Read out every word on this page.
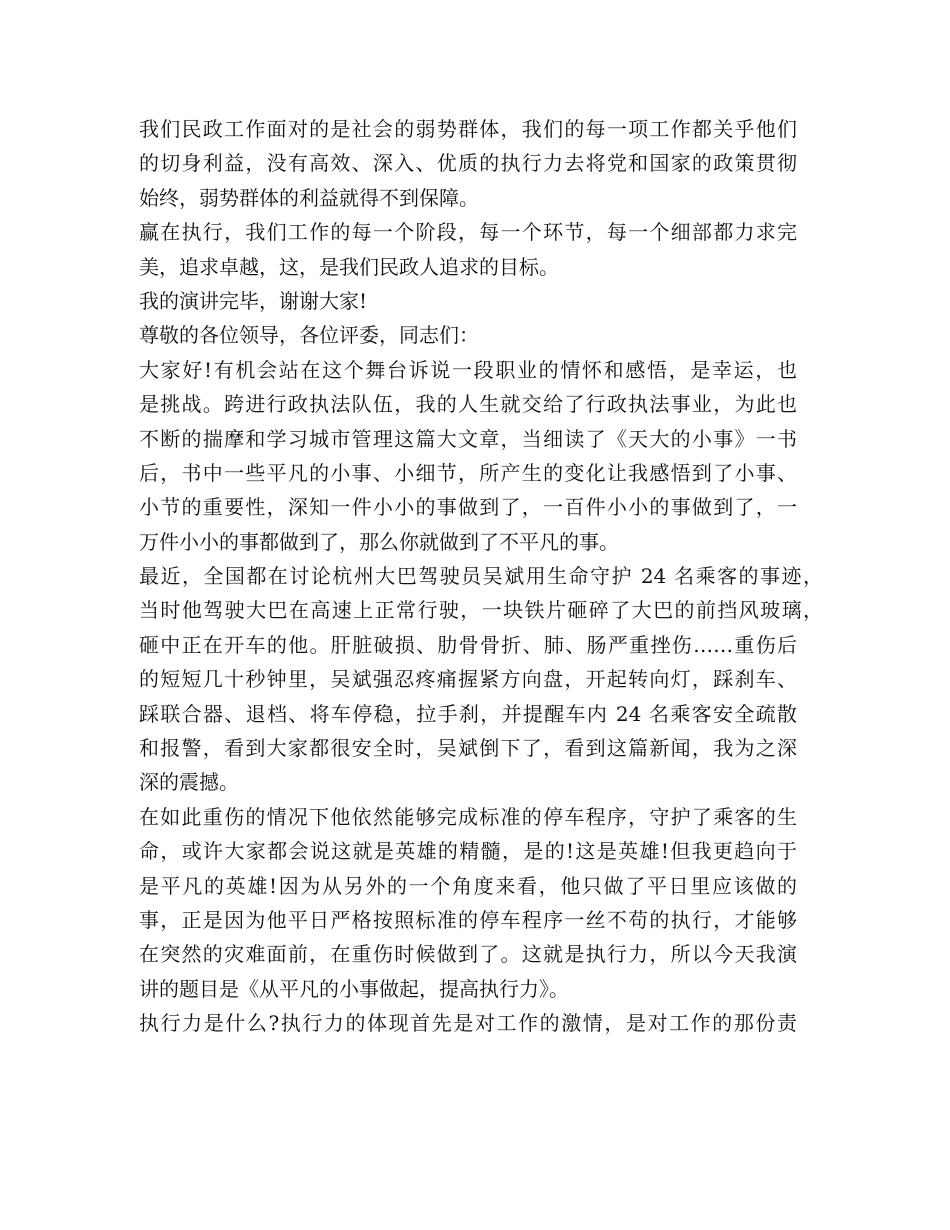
我们民政工作面对的是社会的弱势群体，我们的每一项工作都关乎他们
的切身利益，没有高效、深入、优质的执行力去将党和国家的政策贯彻
始终，弱势群体的利益就得不到保障。
赢在执行，我们工作的每一个阶段，每一个环节，每一个细部都力求完
美，追求卓越，这，是我们民政人追求的目标。
我的演讲完毕，谢谢大家!
尊敬的各位领导，各位评委，同志们：
大家好!有机会站在这个舞台诉说一段职业的情怀和感悟，是幸运，也
是挑战。跨进行政执法队伍，我的人生就交给了行政执法事业，为此也
不断的揣摩和学习城市管理这篇大文章，当细读了《天大的小事》一书
后，书中一些平凡的小事、小细节，所产生的变化让我感悟到了小事、
小节的重要性，深知一件小小的事做到了，一百件小小的事做到了，一
万件小小的事都做到了，那么你就做到了不平凡的事。
最近，全国都在讨论杭州大巴驾驶员吴斌用生命守护 24 名乘客的事迹，
当时他驾驶大巴在高速上正常行驶，一块铁片砸碎了大巴的前挡风玻璃，
砸中正在开车的他。肝脏破损、肋骨骨折、肺、肠严重挫伤……重伤后
的短短几十秒钟里，吴斌强忍疼痛握紧方向盘，开起转向灯，踩刹车、
踩联合器、退档、将车停稳，拉手刹，并提醒车内 24 名乘客安全疏散
和报警，看到大家都很安全时，吴斌倒下了，看到这篇新闻，我为之深
深的震撼。
在如此重伤的情况下他依然能够完成标准的停车程序，守护了乘客的生
命，或许大家都会说这就是英雄的精髓，是的!这是英雄!但我更趋向于
是平凡的英雄!因为从另外的一个角度来看，他只做了平日里应该做的
事，正是因为他平日严格按照标准的停车程序一丝不苟的执行，才能够
在突然的灾难面前，在重伤时候做到了。这就是执行力，所以今天我演
讲的题目是《从平凡的小事做起，提高执行力》。
执行力是什么?执行力的体现首先是对工作的激情，是对工作的那份责
